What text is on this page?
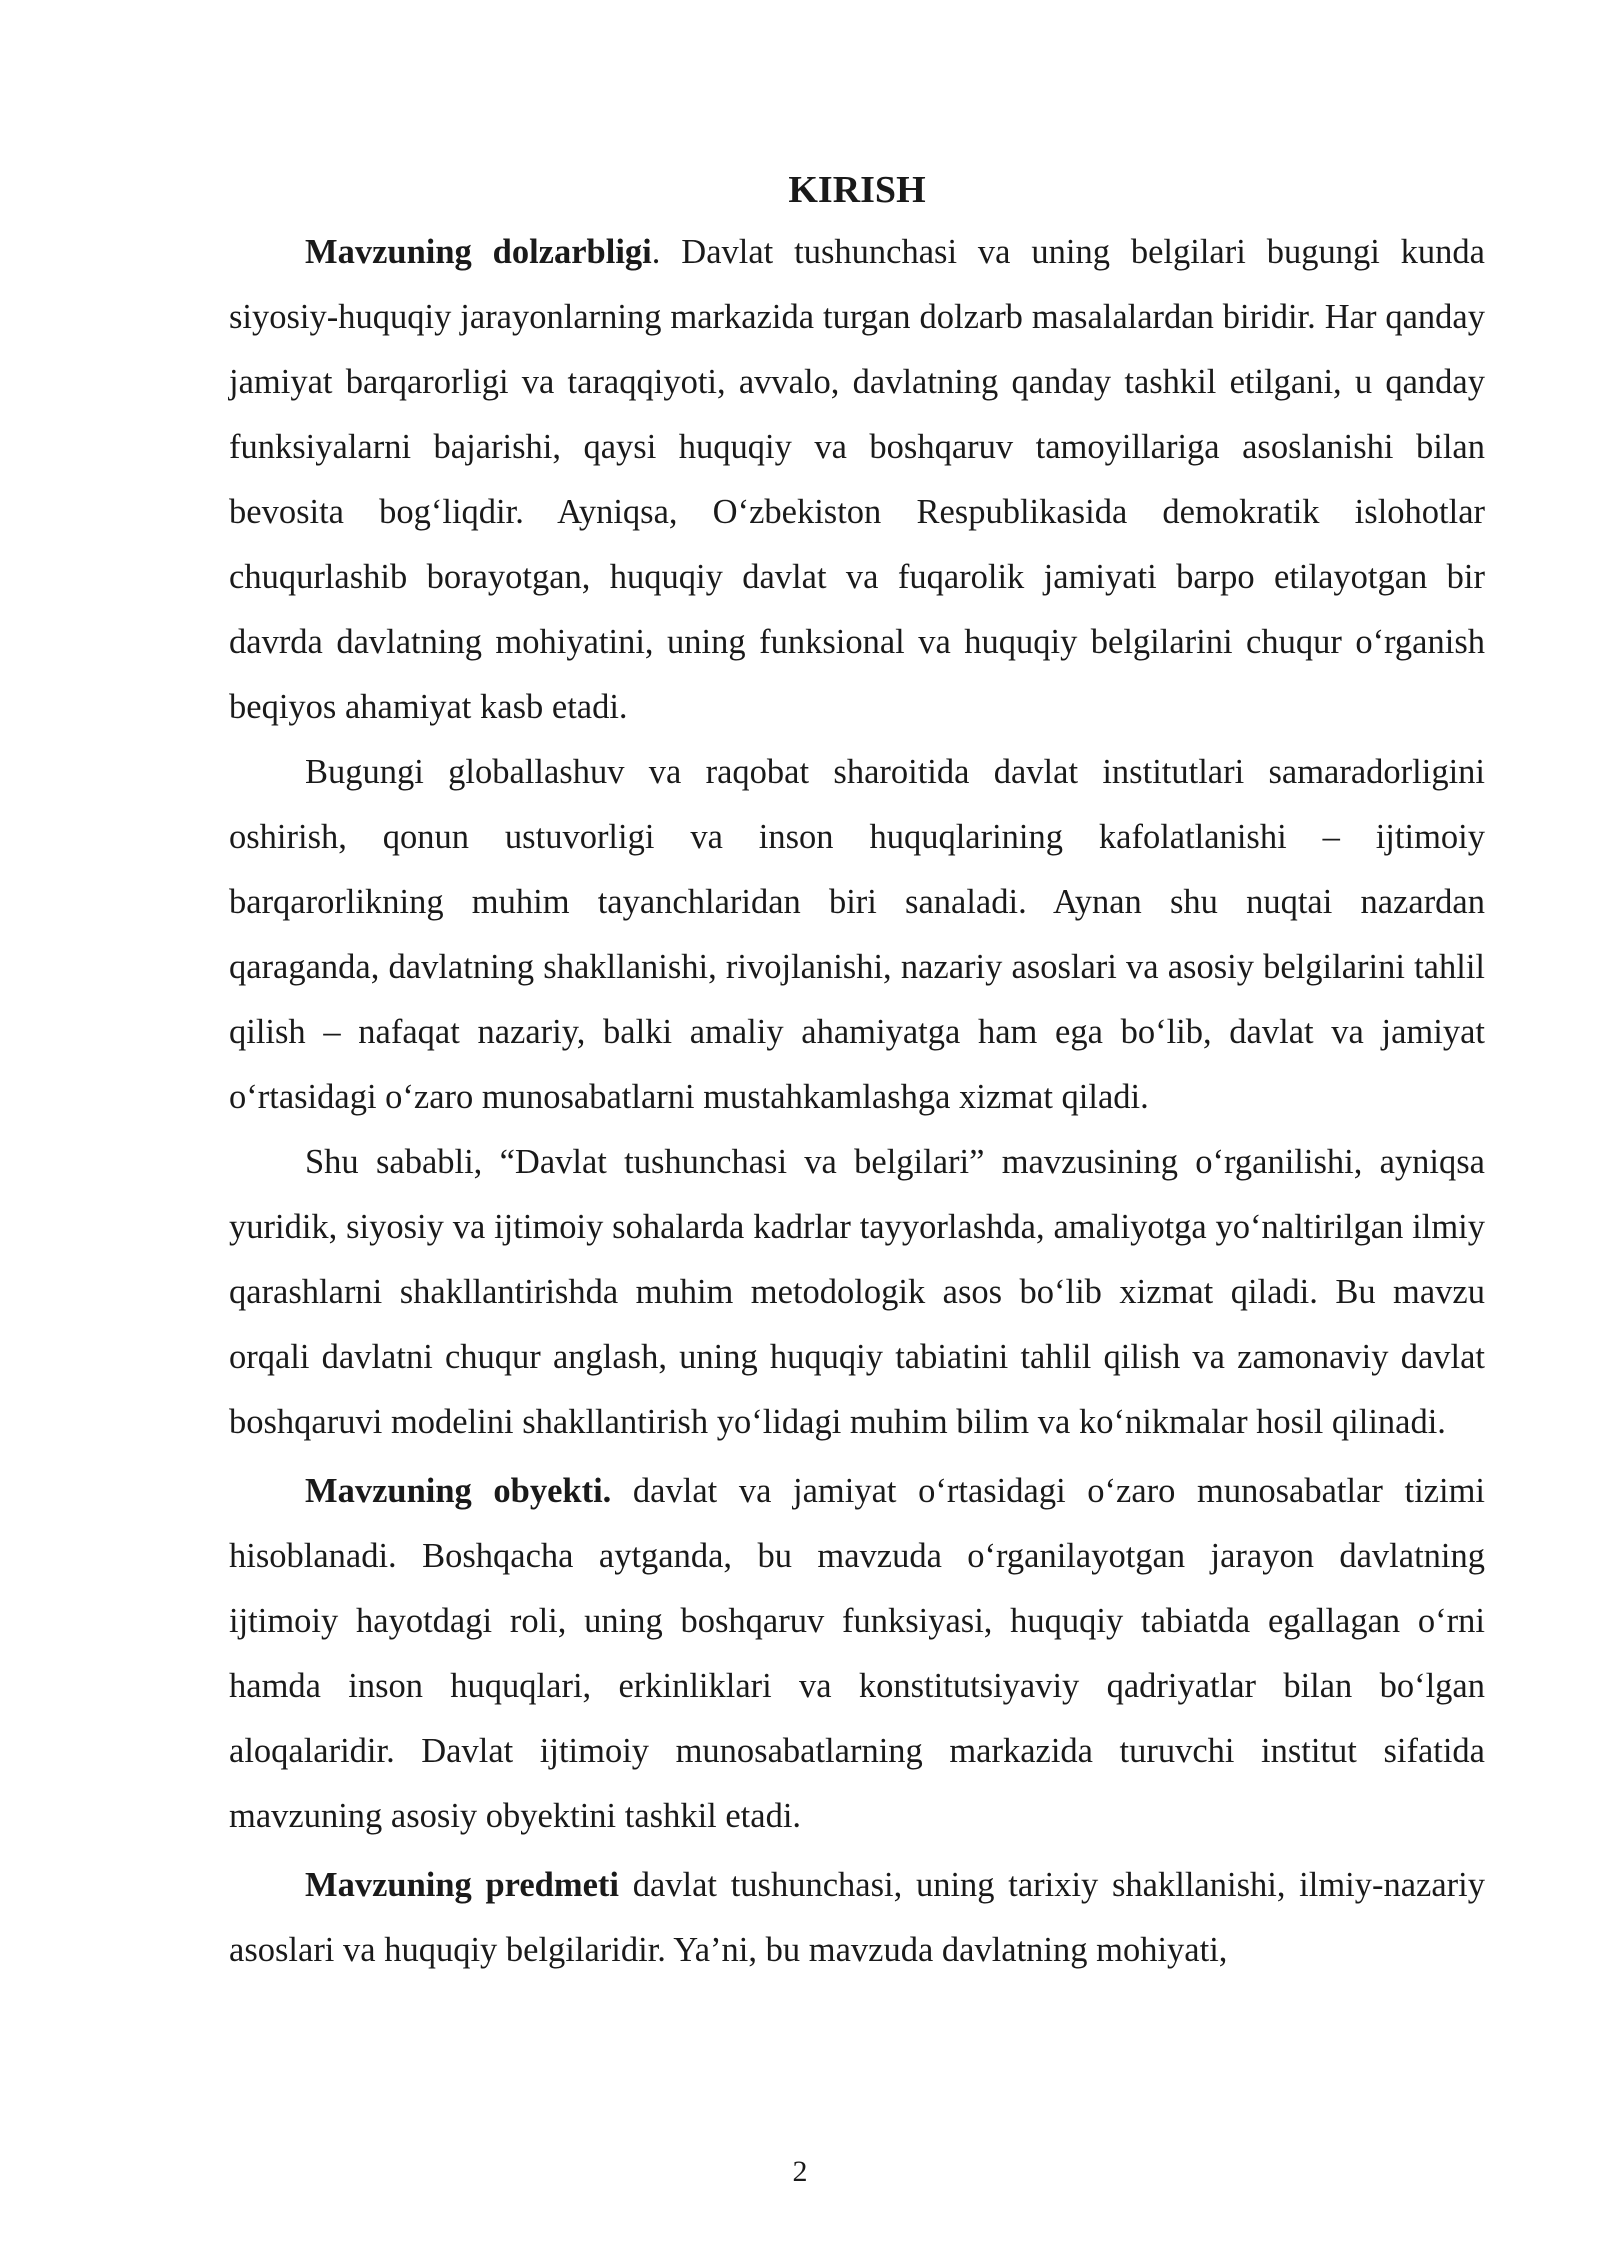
KIRISH

Mavzuning dolzarbligi. Davlat tushunchasi va uning belgilari bugungi kunda siyosiy-huquqiy jarayonlarning markazida turgan dolzarb masalalardan biridir. Har qanday jamiyat barqarorligi va taraqqiyoti, avvalo, davlatning qanday tashkil etilgani, u qanday funksiyalarni bajarishi, qaysi huquqiy va boshqaruv tamoyillariga asoslanishi bilan bevosita bog‘liqdir. Ayniqsa, O‘zbekiston Respublikasida demokratik islohotlar chuqurlashib borayotgan, huquqiy davlat va fuqarolik jamiyati barpo etilayotgan bir davrda davlatning mohiyatini, uning funksional va huquqiy belgilarini chuqur o‘rganish beqiyos ahamiyat kasb etadi.

Bugungi globallashuv va raqobat sharoitida davlat institutlari samaradorligini oshirish, qonun ustuvorligi va inson huquqlarining kafolatlanishi – ijtimoiy barqarorlikning muhim tayanchlaridan biri sanaladi. Aynan shu nuqtai nazardan qaraganda, davlatning shakllanishi, rivojlanishi, nazariy asoslari va asosiy belgilarini tahlil qilish – nafaqat nazariy, balki amaliy ahamiyatga ham ega bo‘lib, davlat va jamiyat o‘rtasidagi o‘zaro munosabatlarni mustahkamlashga xizmat qiladi.

Shu sababli, “Davlat tushunchasi va belgilari” mavzusining o‘rganilishi, ayniqsa yuridik, siyosiy va ijtimoiy sohalarda kadrlar tayyorlashda, amaliyotga yo‘naltirilgan ilmiy qarashlarni shakllantirishda muhim metodologik asos bo‘lib xizmat qiladi. Bu mavzu orqali davlatni chuqur anglash, uning huquqiy tabiatini tahlil qilish va zamonaviy davlat boshqaruvi modelini shakllantirish yo‘lidagi muhim bilim va ko‘nikmalar hosil qilinadi.

Mavzuning obyekti. davlat va jamiyat o‘rtasidagi o‘zaro munosabatlar tizimi hisoblanadi. Boshqacha aytganda, bu mavzuda o‘rganilayotgan jarayon davlatning ijtimoiy hayotdagi roli, uning boshqaruv funksiyasi, huquqiy tabiatda egallagan o‘rni hamda inson huquqlari, erkinliklari va konstitutsiyaviy qadriyatlar bilan bo‘lgan aloqalaridir. Davlat ijtimoiy munosabatlarning markazida turuvchi institut sifatida mavzuning asosiy obyektini tashkil etadi.

Mavzuning predmeti davlat tushunchasi, uning tarixiy shakllanishi, ilmiy-nazariy asoslari va huquqiy belgilaridir. Ya’ni, bu mavzuda davlatning mohiyati,

2
